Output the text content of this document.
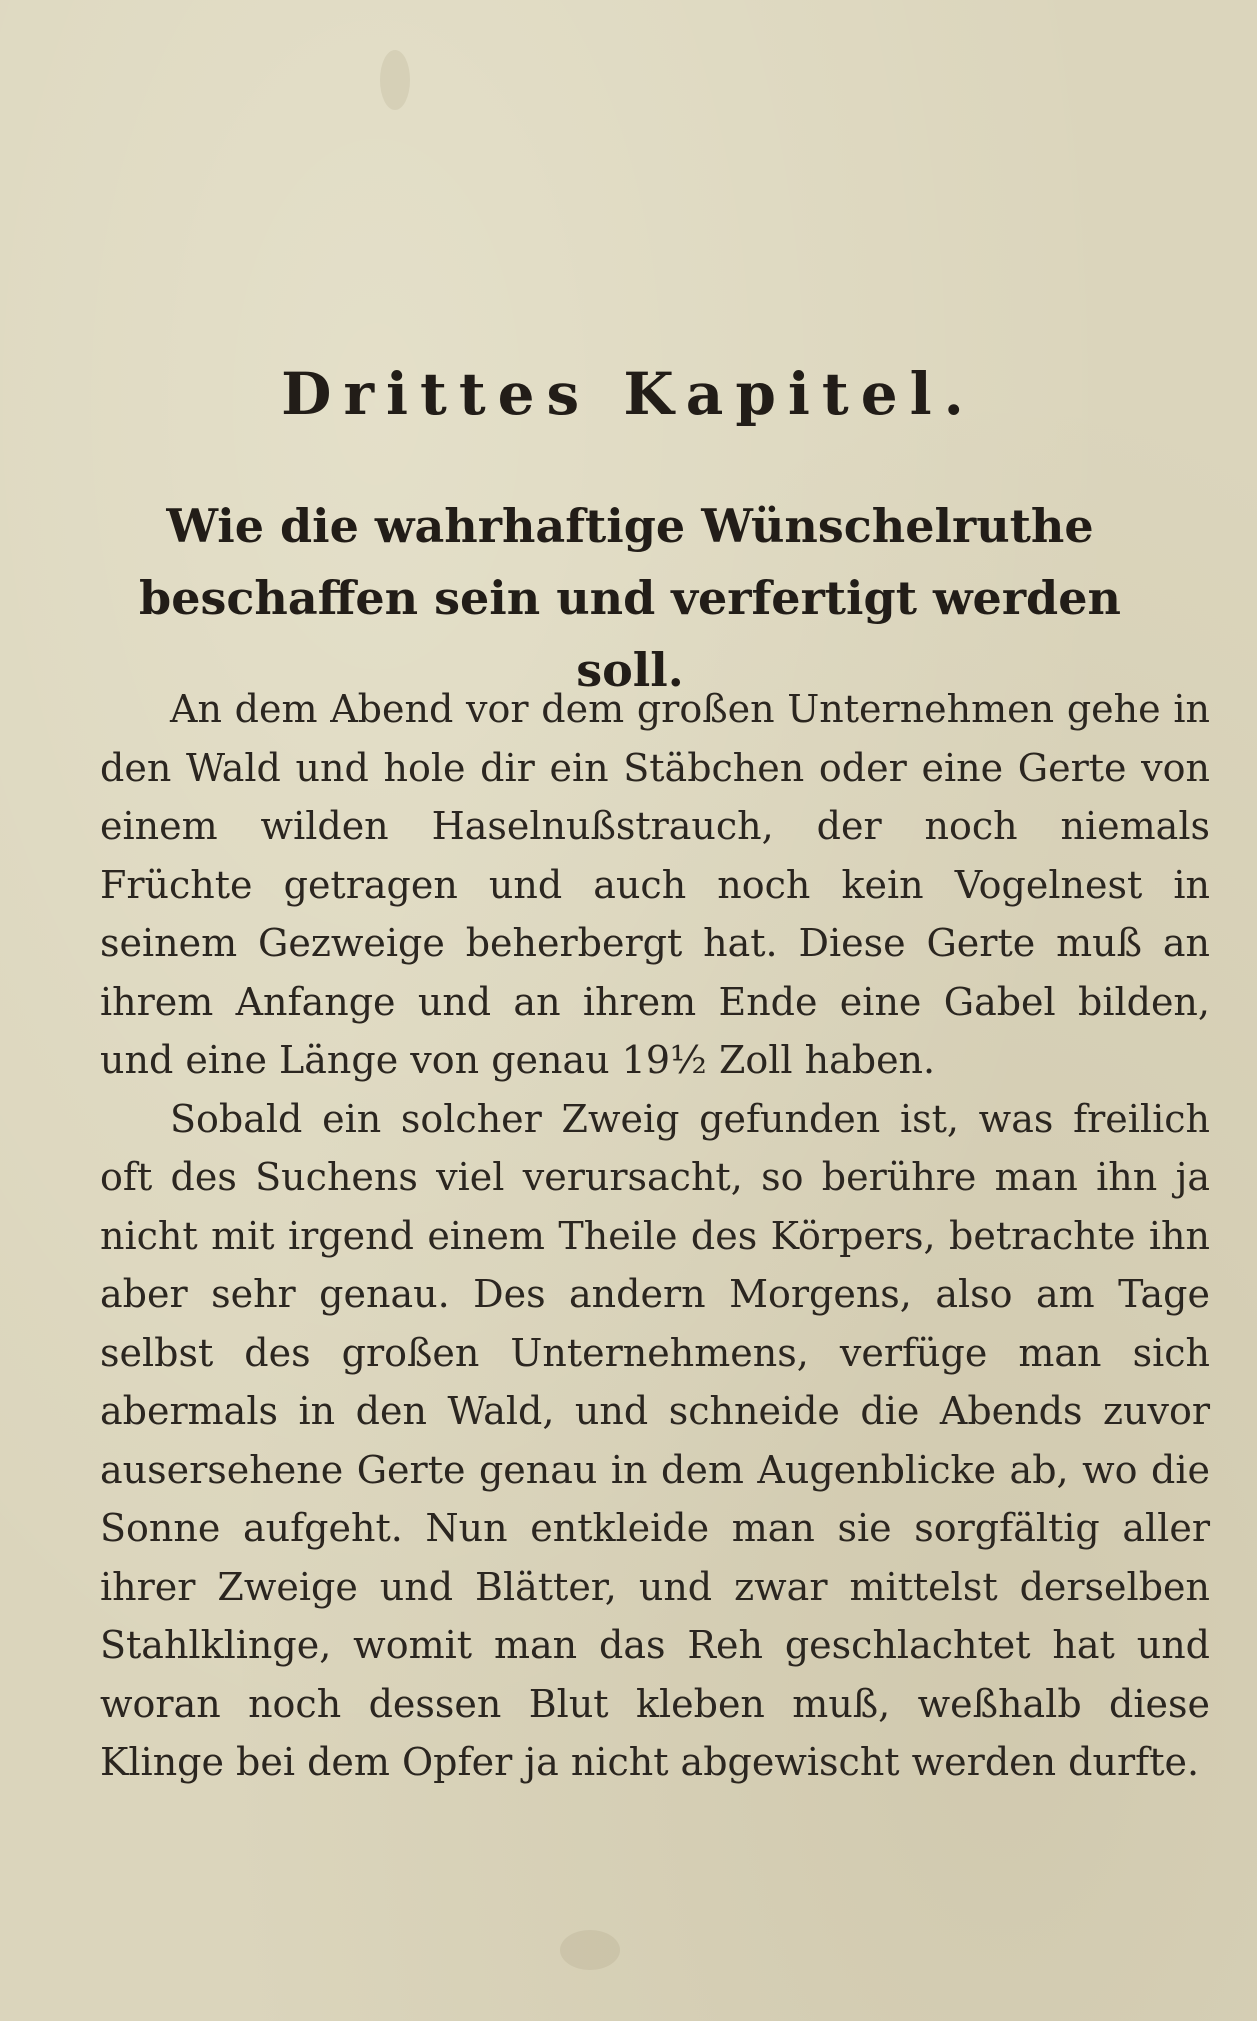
Drittes Kapitel.
Wie die wahrhaftige Wünschelruthe beschaffen sein und verfertigt werden soll.

An dem Abend vor dem großen Unternehmen gehe in den Wald und hole dir ein Stäbchen oder eine Gerte von einem wilden Haselnußstrauch, der noch niemals Früchte getragen und auch noch kein Vogelnest in seinem Gezweige beherbergt hat. Diese Gerte muß an ihrem Anfange und an ihrem Ende eine Gabel bilden, und eine Länge von genau 19½ Zoll haben.

Sobald ein solcher Zweig gefunden ist, was freilich oft des Suchens viel verursacht, so berühre man ihn ja nicht mit irgend einem Theile des Körpers, betrachte ihn aber sehr genau. Des andern Morgens, also am Tage selbst des großen Unternehmens, verfüge man sich abermals in den Wald, und schneide die Abends zuvor ausersehene Gerte genau in dem Augenblicke ab, wo die Sonne aufgeht. Nun entkleide man sie sorgfältig aller ihrer Zweige und Blätter, und zwar mittelst derselben Stahlklinge, womit man das Reh geschlachtet hat und woran noch dessen Blut kleben muß, weßhalb diese Klinge bei dem Opfer ja nicht abgewischt werden durfte.
